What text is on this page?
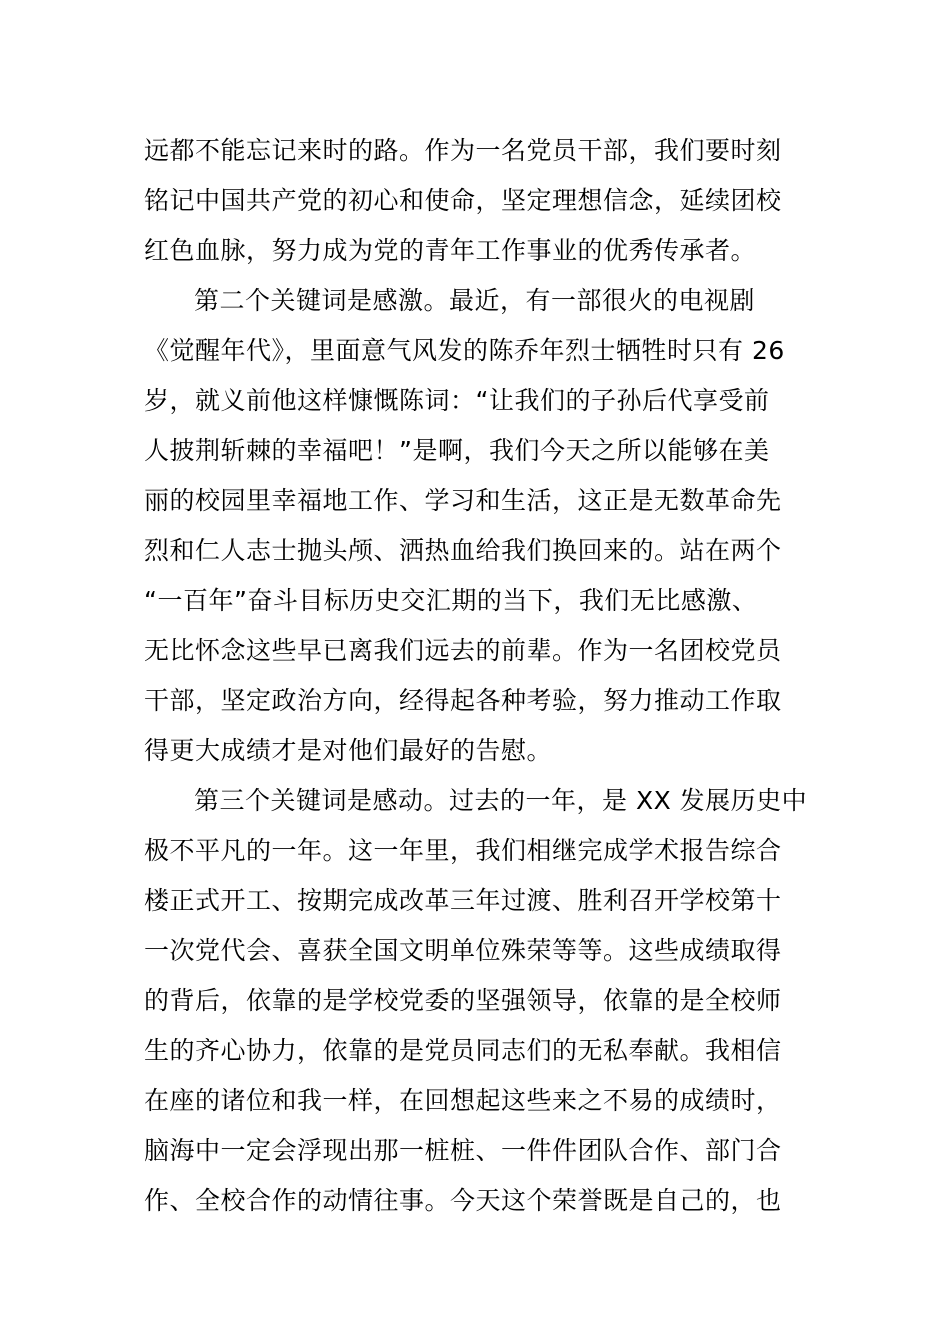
远都不能忘记来时的路。作为一名党员干部，我们要时刻
铭记中国共产党的初心和使命，坚定理想信念，延续团校
红色血脉，努力成为党的青年工作事业的优秀传承者。
第二个关键词是感激。最近，有一部很火的电视剧
《觉醒年代》，里面意气风发的陈乔年烈士牺牲时只有 26
岁，就义前他这样慷慨陈词：“让我们的子孙后代享受前
人披荆斩棘的幸福吧！”是啊，我们今天之所以能够在美
丽的校园里幸福地工作、学习和生活，这正是无数革命先
烈和仁人志士抛头颅、洒热血给我们换回来的。站在两个
“一百年”奋斗目标历史交汇期的当下，我们无比感激、
无比怀念这些早已离我们远去的前辈。作为一名团校党员
干部，坚定政治方向，经得起各种考验，努力推动工作取
得更大成绩才是对他们最好的告慰。
第三个关键词是感动。过去的一年，是 XX 发展历史中
极不平凡的一年。这一年里，我们相继完成学术报告综合
楼正式开工、按期完成改革三年过渡、胜利召开学校第十
一次党代会、喜获全国文明单位殊荣等等。这些成绩取得
的背后，依靠的是学校党委的坚强领导，依靠的是全校师
生的齐心协力，依靠的是党员同志们的无私奉献。我相信
在座的诸位和我一样，在回想起这些来之不易的成绩时，
脑海中一定会浮现出那一桩桩、一件件团队合作、部门合
作、全校合作的动情往事。今天这个荣誉既是自己的，也
